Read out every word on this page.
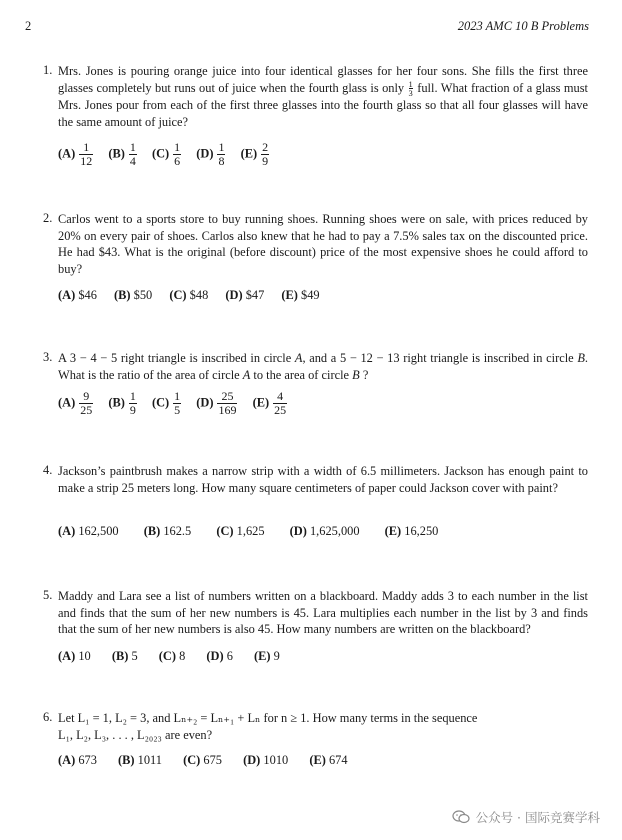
2	2023 AMC 10 B Problems
1. Mrs. Jones is pouring orange juice into four identical glasses for her four sons. She fills the first three glasses completely but runs out of juice when the fourth glass is only $\frac{1}{3}$ full. What fraction of a glass must Mrs. Jones pour from each of the first three glasses into the fourth glass so that all four glasses will have the same amount of juice?
$(A) \frac{1}{12} (B) \frac{1}{4} (C) \frac{1}{6} (D) \frac{1}{8} (E) \frac{2}{9}$
2. Carlos went to a sports store to buy running shoes. Running shoes were on sale, with prices reduced by 20% on every pair of shoes. Carlos also knew that he had to pay a 7.5% sales tax on the discounted price. He had $43. What is the original (before discount) price of the most expensive shoes he could afford to buy?
(A) $46 (B) $50 (C) $48 (D) $47 (E) $49
3. A 3 − 4 − 5 right triangle is inscribed in circle A, and a 5 − 12 − 13 right triangle is inscribed in circle B. What is the ratio of the area of circle A to the area of circle B ?
$(A) \frac{9}{25} (B) \frac{1}{9} (C) \frac{1}{5} (D) \frac{25}{169} (E) \frac{4}{25}$
4. Jackson’s paintbrush makes a narrow strip with a width of 6.5 millimeters. Jackson has enough paint to make a strip 25 meters long. How many square centimeters of paper could Jackson cover with paint?
(A) 162,500 (B) 162.5 (C) 1,625 (D) 1,625,000 (E) 16,250
5. Maddy and Lara see a list of numbers written on a blackboard. Maddy adds 3 to each number in the list and finds that the sum of her new numbers is 45. Lara multiplies each number in the list by 3 and finds that the sum of her new numbers is also 45. How many numbers are written on the blackboard?
(A) 10 (B) 5 (C) 8 (D) 6 (E) 9
6. Let L₁ = 1, L₂ = 3, and Lₙ₊₂ = Lₙ₊₁ + Lₙ for n ≥ 1. How many terms in the sequence
L₁, L₂, L₃, . . . , L₂₀₂₃ are even?
(A) 673 (B) 1011 (C) 675 (D) 1010 (E) 674
公众号 · 国际竞赛学科
